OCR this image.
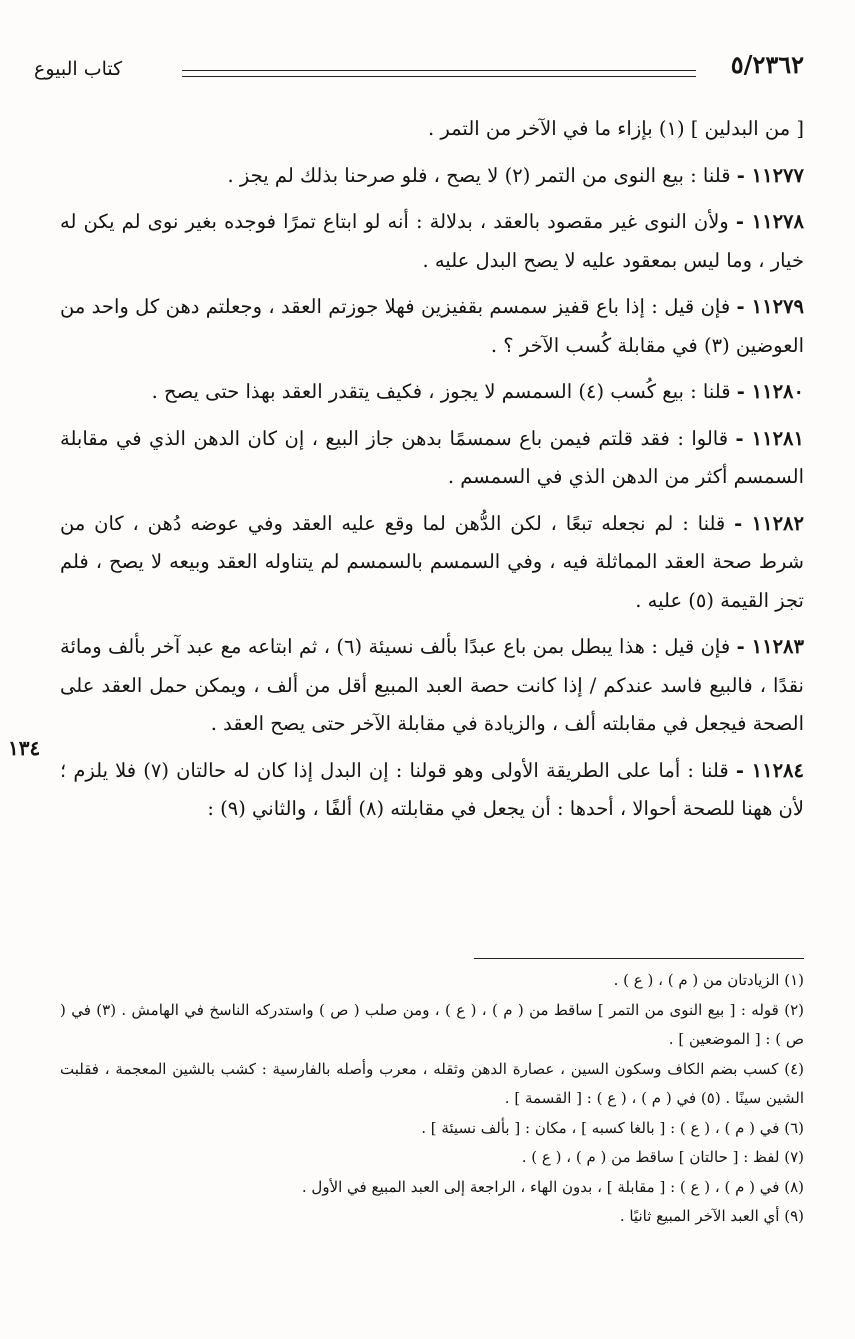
٥/٢٣٦٢
كتاب البيوع

[ من البدلين ] (١) بإزاء ما في الآخر من التمر .

١١٢٧٧ - قلنا : بيع النوى من التمر (٢) لا يصح ، فلو صرحنا بذلك لم يجز .

١١٢٧٨ - ولأن النوى غير مقصود بالعقد ، بدلالة : أنه لو ابتاع تمرًا فوجده بغير نوى لم يكن له خيار ، وما ليس بمعقود عليه لا يصح البدل عليه .

١١٢٧٩ - فإن قيل : إذا باع قفيز سمسم بقفيزين فهلا جوزتم العقد ، وجعلتم دهن كل واحد من العوضين (٣) في مقابلة كُسب الآخر ؟ .

١١٢٨٠ - قلنا : بيع كُسب (٤) السمسم لا يجوز ، فكيف يتقدر العقد بهذا حتى يصح .

١١٢٨١ - قالوا : فقد قلتم فيمن باع سمسمًا بدهن جاز البيع ، إن كان الدهن الذي في مقابلة السمسم أكثر من الدهن الذي في السمسم .

١١٢٨٢ - قلنا : لم نجعله تبعًا ، لكن الدُّهن لما وقع عليه العقد وفي عوضه دُهن ، كان من شرط صحة العقد المماثلة فيه ، وفي السمسم بالسمسم لم يتناوله العقد وبيعه لا يصح ، فلم تجز القيمة (٥) عليه .

١١٢٨٣ - فإن قيل : هذا يبطل بمن باع عبدًا بألف نسيئة (٦) ، ثم ابتاعه مع عبد آخر بألف ومائة نقدًا ، فالبيع فاسد عندكم / إذا كانت حصة العبد المبيع أقل من ألف ، ويمكن حمل العقد على الصحة فيجعل في مقابلته ألف ، والزيادة في مقابلة الآخر حتى يصح العقد .

١١٢٨٤ - قلنا : أما على الطريقة الأولى وهو قولنا : إن البدل إذا كان له حالتان (٧) فلا يلزم ؛ لأن ههنا للصحة أحوالا ، أحدها : أن يجعل في مقابلته (٨) ألفًا ، والثاني (٩) :

١٣٤
(١) الزيادتان من ( م ) ، ( ع ) .
(٢) قوله : [ بيع النوى من التمر ] ساقط من ( م ) ، ( ع ) ، ومن صلب ( ص ) واستدركه الناسخ في الهامش . (٣) في ( ص ) : [ الموضعين ] .
(٤) كسب بضم الكاف وسكون السين ، عصارة الدهن وثقله ، معرب وأصله بالفارسية : كشب بالشين المعجمة ، فقلبت الشين سينًا . (٥) في ( م ) ، ( ع ) : [ القسمة ] .
(٦) في ( م ) ، ( ع ) : [ بالغا كسبه ] ، مكان : [ بألف نسيئة ] .
(٧) لفظ : [ حالتان ] ساقط من ( م ) ، ( ع ) .
(٨) في ( م ) ، ( ع ) : [ مقابلة ] ، بدون الهاء ، الراجعة إلى العبد المبيع في الأول .
(٩) أي العبد الآخر المبيع ثانيًا .
